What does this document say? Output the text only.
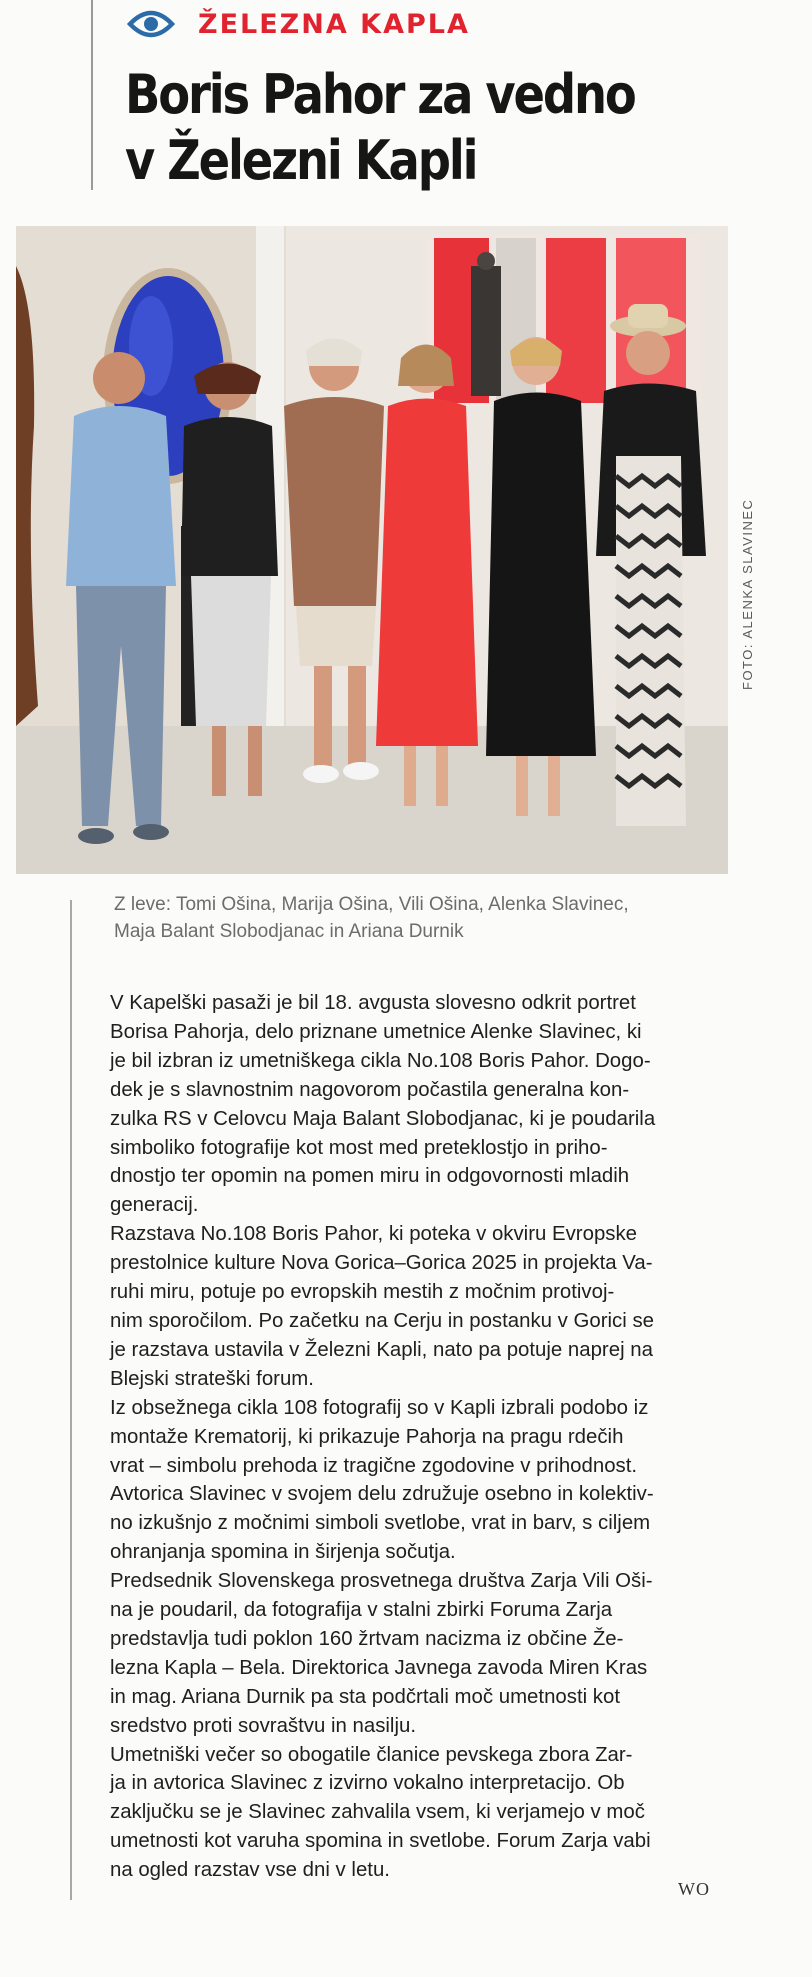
ŽELEZNA KAPLA
Boris Pahor za vedno
v Železni Kapli
FOTO: ALENKA SLAVINEC
Z leve: Tomi Ošina, Marija Ošina, Vili Ošina, Alenka Slavinec,
Maja Balant Slobodjanac in Ariana Durnik
V Kapelški pasaži je bil 18. avgusta slovesno odkrit portret
Borisa Pahorja, delo priznane umetnice Alenke Slavinec, ki
je bil izbran iz umetniškega cikla No.108 Boris Pahor. Dogo-
dek je s slavnostnim nagovorom počastila generalna kon-
zulka RS v Celovcu Maja Balant Slobodjanac, ki je poudarila
simboliko fotografije kot most med preteklostjo in priho-
dnostjo ter opomin na pomen miru in odgovornosti mladih
generacij.
Razstava No.108 Boris Pahor, ki poteka v okviru Evropske
prestolnice kulture Nova Gorica–Gorica 2025 in projekta Va-
ruhi miru, potuje po evropskih mestih z močnim protivoj-
nim sporočilom. Po začetku na Cerju in postanku v Gorici se
je razstava ustavila v Železni Kapli, nato pa potuje naprej na
Blejski strateški forum.
Iz obsežnega cikla 108 fotografij so v Kapli izbrali podobo iz
montaže Krematorij, ki prikazuje Pahorja na pragu rdečih
vrat – simbolu prehoda iz tragične zgodovine v prihodnost.
Avtorica Slavinec v svojem delu združuje osebno in kolektiv-
no izkušnjo z močnimi simboli svetlobe, vrat in barv, s ciljem
ohranjanja spomina in širjenja sočutja.
Predsednik Slovenskega prosvetnega društva Zarja Vili Oši-
na je poudaril, da fotografija v stalni zbirki Foruma Zarja
predstavlja tudi poklon 160 žrtvam nacizma iz občine Že-
lezna Kapla – Bela. Direktorica Javnega zavoda Miren Kras
in mag. Ariana Durnik pa sta podčrtali moč umetnosti kot
sredstvo proti sovraštvu in nasilju.
Umetniški večer so obogatile članice pevskega zbora Zar-
ja in avtorica Slavinec z izvirno vokalno interpretacijo. Ob
zaključku se je Slavinec zahvalila vsem, ki verjamejo v moč
umetnosti kot varuha spomina in svetlobe. Forum Zarja vabi
na ogled razstav vse dni v letu.
WO
